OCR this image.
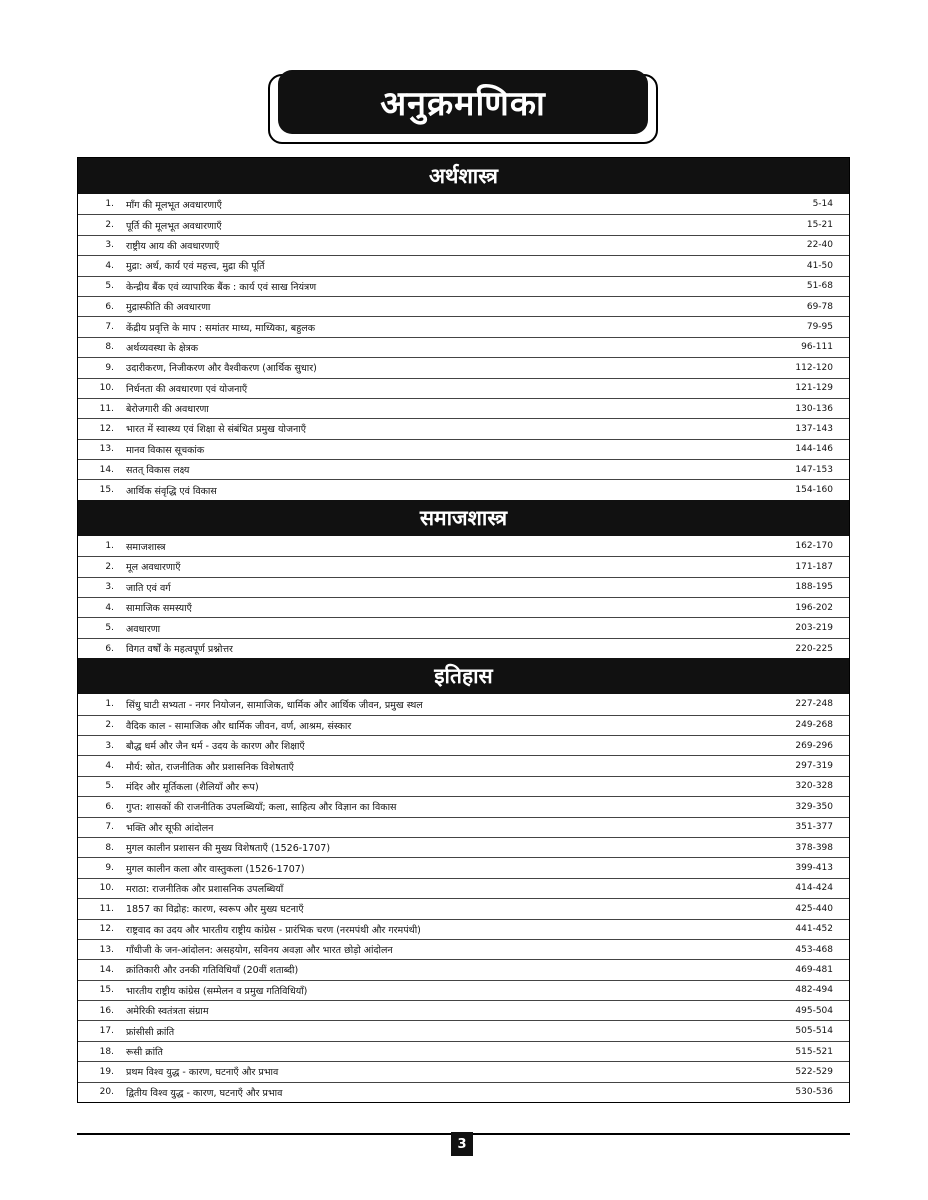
अनुक्रमणिका
अर्थशास्त्र
1.	माँग की मूलभूत अवधारणाएँ	5-14
2.	पूर्ति की मूलभूत अवधारणाएँ	15-21
3.	राष्ट्रीय आय की अवधारणाएँ	22-40
4.	मुद्रा: अर्थ, कार्य एवं महत्त्व, मुद्रा की पूर्ति	41-50
5.	केन्द्रीय बैंक एवं व्यापारिक बैंक : कार्य एवं साख नियंत्रण	51-68
6.	मुद्रास्फीति की अवधारणा	69-78
7.	केंद्रीय प्रवृत्ति के माप : समांतर माध्य, माध्यिका, बहुलक	79-95
8.	अर्थव्यवस्था के क्षेत्रक	96-111
9.	उदारीकरण, निजीकरण और वैश्वीकरण (आर्थिक सुधार)	112-120
10.	निर्धनता की अवधारणा एवं योजनाएँ	121-129
11.	बेरोजगारी की अवधारणा	130-136
12.	भारत में स्वास्थ्य एवं शिक्षा से संबंधित प्रमुख योजनाएँ	137-143
13.	मानव विकास सूचकांक	144-146
14.	सतत् विकास लक्ष्य	147-153
15.	आर्थिक संवृद्धि एवं विकास	154-160
समाजशास्त्र
1.	समाजशास्त्र	162-170
2.	मूल अवधारणाएँ	171-187
3.	जाति एवं वर्ग	188-195
4.	सामाजिक समस्याएँ	196-202
5.	अवधारणा	203-219
6.	विगत वर्षों के महत्वपूर्ण प्रश्नोत्तर	220-225
इतिहास
1.	सिंधु घाटी सभ्यता - नगर नियोजन, सामाजिक, धार्मिक और आर्थिक जीवन, प्रमुख स्थल	227-248
2.	वैदिक काल - सामाजिक और धार्मिक जीवन, वर्ण, आश्रम, संस्कार	249-268
3.	बौद्ध धर्म और जैन धर्म - उदय के कारण और शिक्षाएँ	269-296
4.	मौर्य: स्रोत, राजनीतिक और प्रशासनिक विशेषताएँ	297-319
5.	मंदिर और मूर्तिकला (शैलियाँ और रूप)	320-328
6.	गुप्त: शासकों की राजनीतिक उपलब्धियाँ; कला, साहित्य और विज्ञान का विकास	329-350
7.	भक्ति और सूफी आंदोलन	351-377
8.	मुगल कालीन प्रशासन की मुख्य विशेषताएँ (1526-1707)	378-398
9.	मुगल कालीन कला और वास्तुकला (1526-1707)	399-413
10.	मराठा: राजनीतिक और प्रशासनिक उपलब्धियाँ	414-424
11.	1857 का विद्रोह: कारण, स्वरूप और मुख्य घटनाएँ	425-440
12.	राष्ट्रवाद का उदय और भारतीय राष्ट्रीय कांग्रेस - प्रारंभिक चरण (नरमपंथी और गरमपंथी)	441-452
13.	गाँधीजी के जन-आंदोलन: असहयोग, सविनय अवज्ञा और भारत छोड़ो आंदोलन	453-468
14.	क्रांतिकारी और उनकी गतिविधियाँ (20वीं शताब्दी)	469-481
15.	भारतीय राष्ट्रीय कांग्रेस (सम्मेलन व प्रमुख गतिविधियाँ)	482-494
16.	अमेरिकी स्वतंत्रता संग्राम	495-504
17.	फ्रांसीसी क्रांति	505-514
18.	रूसी क्रांति	515-521
19.	प्रथम विश्व युद्ध - कारण, घटनाएँ और प्रभाव	522-529
20.	द्वितीय विश्व युद्ध - कारण, घटनाएँ और प्रभाव	530-536
3
